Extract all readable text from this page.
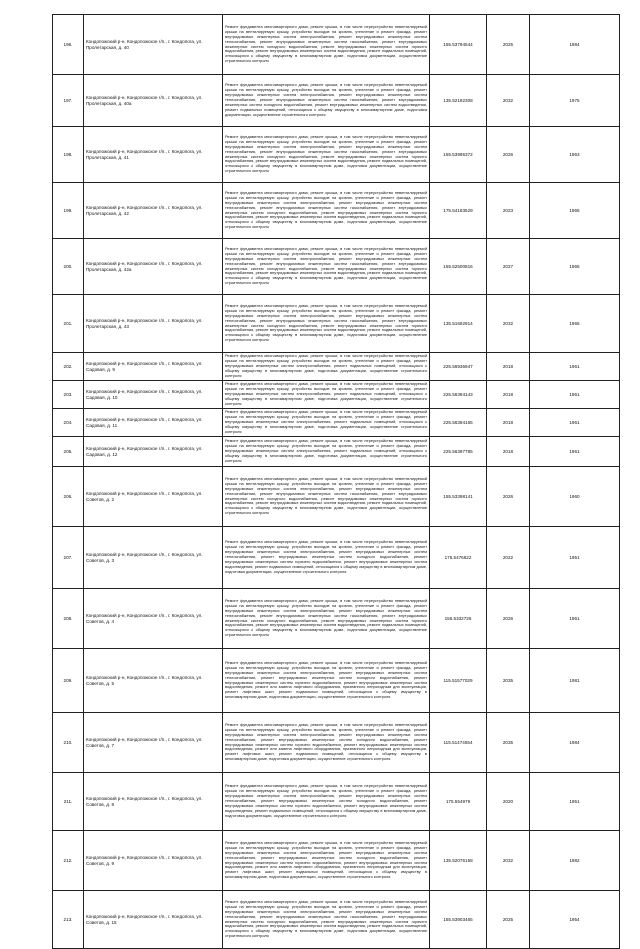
196.	Кондопожский р-н, Кондопожское г/п., г. Кондопога, ул. Пролетарская, д. 40	Ремонт фундамента многоквартирного дома, ремонт крыши, в том числе переустройство невентилируемой крыши на вентилируемую крышу, устройство выходов на кровлю, утепление и ремонт фасада, ремонт внутридомовых инженерных систем электроснабжения, ремонт внутридомовых инженерных систем теплоснабжения, ремонт внутридомовых инженерных систем газоснабжения, ремонт внутридомовых инженерных систем холодного водоснабжения, ремонт внутридомовых инженерных систем горячего водоснабжения, ремонт внутридомовых инженерных систем водоотведения, ремонт подвальных помещений, относящихся к общему имуществу в многоквартирном доме, подготовка документации, осуществление строительного контроля	155.53794544	2025	1984
197.	Кондопожский р-н, Кондопожское г/п., г. Кондопога, ул. Пролетарская, д. 40а	Ремонт фундамента многоквартирного дома, ремонт крыши, в том числе переустройство невентилируемой крыши на вентилируемую крышу, устройство выходов на кровлю, утепление и ремонт фасада, ремонт внутридомовых инженерных систем электроснабжения, ремонт внутридомовых инженерных систем теплоснабжения, ремонт внутридомовых инженерных систем газоснабжения, ремонт внутридомовых инженерных систем холодного водоснабжения, ремонт внутридомовых инженерных систем водоотведения, ремонт подвальных помещений, относящихся к общему имуществу в многоквартирном доме, подготовка документации, осуществление строительного контроля	135.52182308	2032	1975
198.	Кондопожский р-н, Кондопожское г/п., г. Кондопога, ул. Пролетарская, д. 41	Ремонт фундамента многоквартирного дома, ремонт крыши, в том числе переустройство невентилируемой крыши на вентилируемую крышу, устройство выходов на кровлю, утепление и ремонт фасада, ремонт внутридомовых инженерных систем электроснабжения, ремонт внутридомовых инженерных систем теплоснабжения, ремонт внутридомовых инженерных систем газоснабжения, ремонт внутридомовых инженерных систем холодного водоснабжения, ремонт внутридомовых инженерных систем горячего водоснабжения, ремонт внутридомовых инженерных систем водоотведения, ремонт подвальных помещений, относящихся к общему имуществу в многоквартирном доме, подготовка документации, осуществление строительного контроля	155.53995372	2026	1963
199.	Кондопожский р-н, Кондопожское г/п., г. Кондопога, ул. Пролетарская, д. 42	Ремонт фундамента многоквартирного дома, ремонт крыши, в том числе переустройство невентилируемой крыши на вентилируемую крышу, устройство выходов на кровлю, утепление и ремонт фасада, ремонт внутридомовых инженерных систем электроснабжения, ремонт внутридомовых инженерных систем теплоснабжения, ремонт внутридомовых инженерных систем газоснабжения, ремонт внутридомовых инженерных систем холодного водоснабжения, ремонт внутридомовых инженерных систем горячего водоснабжения, ремонт внутридомовых инженерных систем водоотведения, ремонт подвальных помещений, относящихся к общему имуществу в многоквартирном доме, подготовка документации, осуществление строительного контроля	175.54183529	2023	1965
200.	Кондопожский р-н, Кондопожское г/п., г. Кондопога, ул. Пролетарская, д. 42а	Ремонт фундамента многоквартирного дома, ремонт крыши, в том числе переустройство невентилируемой крыши на вентилируемую крышу, устройство выходов на кровлю, утепление и ремонт фасада, ремонт внутридомовых инженерных систем электроснабжения, ремонт внутридомовых инженерных систем теплоснабжения, ремонт внутридомовых инженерных систем газоснабжения, ремонт внутридомовых инженерных систем холодного водоснабжения, ремонт внутридомовых инженерных систем горячего водоснабжения, ремонт внутридомовых инженерных систем водоотведения, ремонт подвальных помещений, относящихся к общему имуществу в многоквартирном доме, подготовка документации, осуществление строительного контроля	155.52500816	2027	1965
201.	Кондопожский р-н, Кондопожское г/п., г. Кондопога, ул. Пролетарская, д. 43	Ремонт фундамента многоквартирного дома, ремонт крыши, в том числе переустройство невентилируемой крыши на вентилируемую крышу, устройство выходов на кровлю, утепление и ремонт фасада, ремонт внутридомовых инженерных систем электроснабжения, ремонт внутридомовых инженерных систем теплоснабжения, ремонт внутридомовых инженерных систем газоснабжения, ремонт внутридомовых инженерных систем холодного водоснабжения, ремонт внутридомовых инженерных систем горячего водоснабжения, ремонт внутридомовых инженерных систем водоотведения, ремонт подвальных помещений, относящихся к общему имуществу в многоквартирном доме, подготовка документации, осуществление строительного контроля	135.51692914	2032	1965
202.	Кондопожский р-н, Кондопожское г/п., г. Кондопога, ул. Садовая, д. 9	Ремонт фундамента многоквартирного дома, ремонт крыши, в том числе переустройство невентилируемой крыши на вентилируемую крышу, устройство выходов на кровлю, утепление и ремонт фасада, ремонт внутридомовых инженерных систем электроснабжения, ремонт подвальных помещений, относящихся к общему имуществу в многоквартирном доме, подготовка документации, осуществление строительного контроля	225.56936947	2018	1961
203.	Кондопожский р-н, Кондопожское г/п., г. Кондопога, ул. Садовая, д. 10	Ремонт фундамента многоквартирного дома, ремонт крыши, в том числе переустройство невентилируемой крыши на вентилируемую крышу, устройство выходов на кровлю, утепление и ремонт фасада, ремонт внутридомовых инженерных систем электроснабжения, ремонт подвальных помещений, относящихся к общему имуществу в многоквартирном доме, подготовка документации, осуществление строительного контроля	225.56394143	2018	1961
204.	Кондопожский р-н, Кондопожское г/п., г. Кондопога, ул. Садовая, д. 11	Ремонт фундамента многоквартирного дома, ремонт крыши, в том числе переустройство невентилируемой крыши на вентилируемую крышу, устройство выходов на кровлю, утепление и ремонт фасада, ремонт внутридомовых инженерных систем электроснабжения, ремонт подвальных помещений, относящихся к общему имуществу в многоквартирном доме, подготовка документации, осуществление строительного контроля	225.56394165	2018	1961
205.	Кондопожский р-н, Кондопожское г/п., г. Кондопога, ул. Садовая, д. 12	Ремонт фундамента многоквартирного дома, ремонт крыши, в том числе переустройство невентилируемой крыши на вентилируемую крышу, устройство выходов на кровлю, утепление и ремонт фасада, ремонт внутридомовых инженерных систем электроснабжения, ремонт подвальных помещений, относящихся к общему имуществу в многоквартирном доме, подготовка документации, осуществление строительного контроля	225.56397785	2018	1961
206.	Кондопожский р-н, Кондопожское г/п., г. Кондопога, ул. Советов, д. 2	Ремонт фундамента многоквартирного дома, ремонт крыши, в том числе переустройство невентилируемой крыши на вентилируемую крышу, устройство выходов на кровлю, утепление и ремонт фасада, ремонт внутридомовых инженерных систем электроснабжения, ремонт внутридомовых инженерных систем теплоснабжения, ремонт внутридомовых инженерных систем газоснабжения, ремонт внутридомовых инженерных систем холодного водоснабжения, ремонт внутридомовых инженерных систем горячего водоснабжения, ремонт внутридомовых инженерных систем водоотведения, ремонт подвальных помещений, относящихся к общему имуществу в многоквартирном доме, подготовка документации, осуществление строительного контроля	155.53398141	2026	1960
207.	Кондопожский р-н, Кондопожское г/п., г. Кондопога, ул. Советов, д. 3	Ремонт фундамента многоквартирного дома, ремонт крыши, в том числе переустройство невентилируемой крыши на вентилируемую крышу, устройство выходов на кровлю, утепление и ремонт фасада, ремонт внутридомовых инженерных систем электроснабжения, ремонт внутридомовых инженерных систем теплоснабжения, ремонт внутридомовых инженерных систем холодного водоснабжения, ремонт внутридомовых инженерных систем горячего водоснабжения, ремонт внутридомовых инженерных систем водоотведения, ремонт подвальных помещений, относящихся к общему имуществу в многоквартирном доме, подготовка документации, осуществление строительного контроля	175.5476622	2022	1951
208.	Кондопожский р-н, Кондопожское г/п., г. Кондопога, ул. Советов, д. 4	Ремонт фундамента многоквартирного дома, ремонт крыши, в том числе переустройство невентилируемой крыши на вентилируемую крышу, устройство выходов на кровлю, утепление и ремонт фасада, ремонт внутридомовых инженерных систем электроснабжения, ремонт внутридомовых инженерных систем теплоснабжения, ремонт внутридомовых инженерных систем газоснабжения, ремонт внутридомовых инженерных систем холодного водоснабжения, ремонт внутридомовых инженерных систем горячего водоснабжения, ремонт внутридомовых инженерных систем водоотведения, ремонт подвальных помещений, относящихся к общему имуществу в многоквартирном доме, подготовка документации, осуществление строительного контроля	155.5332726	2026	1961
209.	Кондопожский р-н, Кондопожское г/п., г. Кондопога, ул. Советов, д. 5	Ремонт фундамента многоквартирного дома, ремонт крыши, в том числе переустройство невентилируемой крыши на вентилируемую крышу, устройство выходов на кровлю, утепление и ремонт фасада, ремонт внутридомовых инженерных систем электроснабжения, ремонт внутридомовых инженерных систем теплоснабжения, ремонт внутридомовых инженерных систем холодного водоснабжения, ремонт внутридомовых инженерных систем горячего водоснабжения, ремонт внутридомовых инженерных систем водоотведения, ремонт или замена лифтового оборудования, признанного непригодным для эксплуатации, ремонт лифтовых шахт, ремонт подвальных помещений, относящихся к общему имуществу в многоквартирном доме, подготовка документации, осуществление строительного контроля	115.51577029	2035	1981
210.	Кондопожский р-н, Кондопожское г/п., г. Кондопога, ул. Советов, д. 7	Ремонт фундамента многоквартирного дома, ремонт крыши, в том числе переустройство невентилируемой крыши на вентилируемую крышу, устройство выходов на кровлю, утепление и ремонт фасада, ремонт внутридомовых инженерных систем электроснабжения, ремонт внутридомовых инженерных систем теплоснабжения, ремонт внутридомовых инженерных систем холодного водоснабжения, ремонт внутридомовых инженерных систем горячего водоснабжения, ремонт внутридомовых инженерных систем водоотведения, ремонт или замена лифтового оборудования, признанного непригодным для эксплуатации, ремонт лифтовых шахт, ремонт подвальных помещений, относящихся к общему имуществу в многоквартирном доме, подготовка документации, осуществление строительного контроля	115.51474554	2035	1984
211.	Кондопожский р-н, Кондопожское г/п., г. Кондопога, ул. Советов, д. 8	Ремонт фундамента многоквартирного дома, ремонт крыши, в том числе переустройство невентилируемой крыши на вентилируемую крышу, устройство выходов на кровлю, утепление и ремонт фасада, ремонт внутридомовых инженерных систем электроснабжения, ремонт внутридомовых инженерных систем теплоснабжения, ремонт внутридомовых инженерных систем холодного водоснабжения, ремонт внутридомовых инженерных систем горячего водоснабжения, ремонт внутридомовых инженерных систем водоотведения, ремонт подвальных помещений, относящихся к общему имуществу в многоквартирном доме, подготовка документации, осуществление строительного контроля	175.554979	2020	1951
212.	Кондопожский р-н, Кондопожское г/п., г. Кондопога, ул. Советов, д. 9	Ремонт фундамента многоквартирного дома, ремонт крыши, в том числе переустройство невентилируемой крыши на вентилируемую крышу, устройство выходов на кровлю, утепление и ремонт фасада, ремонт внутридомовых инженерных систем электроснабжения, ремонт внутридомовых инженерных систем теплоснабжения, ремонт внутридомовых инженерных систем холодного водоснабжения, ремонт внутридомовых инженерных систем горячего водоснабжения, ремонт внутридомовых инженерных систем водоотведения, ремонт или замена лифтового оборудования, признанного непригодным для эксплуатации, ремонт лифтовых шахт, ремонт подвальных помещений, относящихся к общему имуществу в многоквартирном доме, подготовка документации, осуществление строительного контроля	135.52076158	2032	1982
213.	Кондопожский р-н, Кондопожское г/п., г. Кондопога, ул. Советов, д. 15	Ремонт фундамента многоквартирного дома, ремонт крыши, в том числе переустройство невентилируемой крыши на вентилируемую крышу, устройство выходов на кровлю, утепление и ремонт фасада, ремонт внутридомовых инженерных систем электроснабжения, ремонт внутридомовых инженерных систем теплоснабжения, ремонт внутридомовых инженерных систем газоснабжения, ремонт внутридомовых инженерных систем холодного водоснабжения, ремонт внутридомовых инженерных систем горячего водоснабжения, ремонт внутридомовых инженерных систем водоотведения, ремонт подвальных помещений, относящихся к общему имуществу в многоквартирном доме, подготовка документации, осуществление строительного контроля	155.53903465	2025	1954
